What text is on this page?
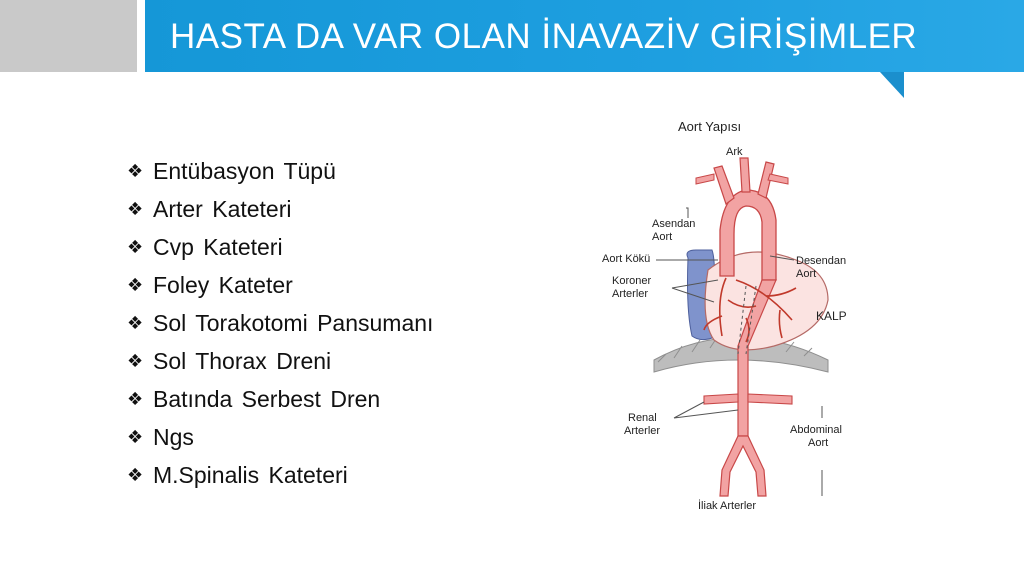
HASTA DA VAR OLAN İNAVAZİV GİRİŞİMLER
❖ Entübasyon Tüpü
❖ Arter Kateteri
❖ Cvp Kateteri
❖ Foley Kateter
❖ Sol Torakotomi Pansumanı
❖ Sol Thorax Dreni
❖ Batında Serbest Dren
❖ Ngs
❖ M.Spinalis Kateteri
Aort Yapısı
Ark
Asendan
Aort
Aort Kökü
Koroner
Arterler
Desendan
Aort
KALP
Renal
Arterler	Abdominal
Aort
İliak Arterler
